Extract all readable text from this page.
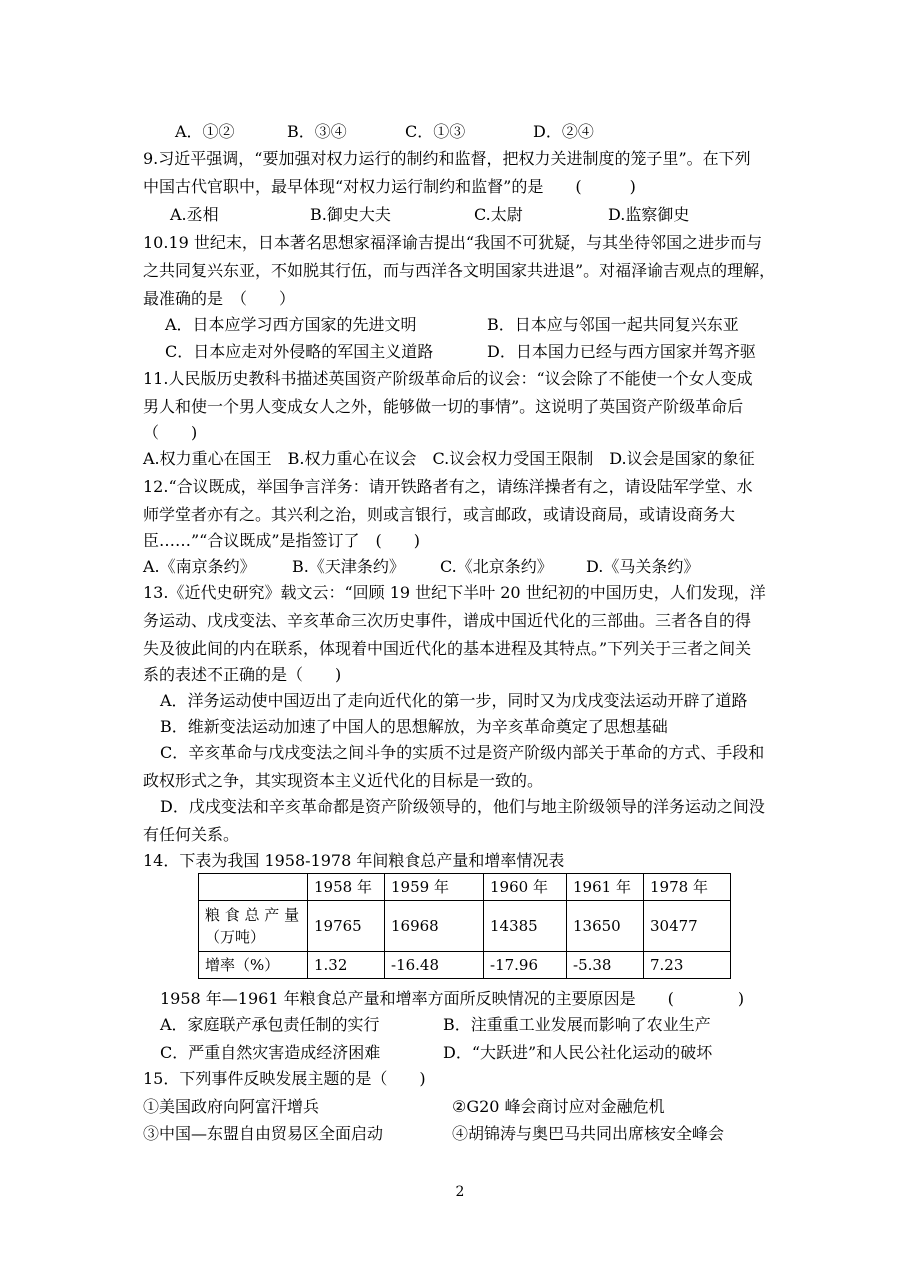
A．①②	B．③④	C．①③	D．②④
9.习近平强调，“要加强对权力运行的制约和监督，把权力关进制度的笼子里”。在下列
中国古代官职中，最早体现“对权力运行制约和监督”的是　　(　　　)
A.丞相	B.御史大夫	C.太尉	D.监察御史
10.19 世纪末，日本著名思想家福泽谕吉提出“我国不可犹疑，与其坐待邻国之进步而与
之共同复兴东亚，不如脱其行伍，而与西洋各文明国家共进退”。对福泽谕吉观点的理解，
最准确的是　（　　）
A．日本应学习西方国家的先进文明	B．日本应与邻国一起共同复兴东亚
C．日本应走对外侵略的军国主义道路	D．日本国力已经与西方国家并驾齐驱
11.人民版历史教科书描述英国资产阶级革命后的议会：“议会除了不能使一个女人变成
男人和使一个男人变成女人之外，能够做一切的事情”。这说明了英国资产阶级革命后
（　　)
A.权力重心在国王　B.权力重心在议会　C.议会权力受国王限制　D.议会是国家的象征
12.“合议既成，举国争言洋务：请开铁路者有之，请练洋操者有之，请设陆军学堂、水
师学堂者亦有之。其兴利之治，则或言银行，或言邮政，或请设商局，或请设商务大
臣……”“合议既成”是指签订了　(　　)
A.《南京条约》 B.《天津条约》 C.《北京条约》 D.《马关条约》
13.《近代史研究》载文云：“回顾 19 世纪下半叶 20 世纪初的中国历史，人们发现，洋
务运动、戊戌变法、辛亥革命三次历史事件，谱成中国近代化的三部曲。三者各自的得
失及彼此间的内在联系，体现着中国近代化的基本进程及其特点。”下列关于三者之间关
系的表述不正确的是（　　)
A．洋务运动使中国迈出了走向近代化的第一步，同时又为戊戌变法运动开辟了道路
B．维新变法运动加速了中国人的思想解放，为辛亥革命奠定了思想基础
C．辛亥革命与戊戌变法之间斗争的实质不过是资产阶级内部关于革命的方式、手段和
政权形式之争，其实现资本主义近代化的目标是一致的。
D．戊戌变法和辛亥革命都是资产阶级领导的，他们与地主阶级领导的洋务运动之间没
有任何关系。
14．下表为我国 1958-1978 年间粮食总产量和增率情况表
	1958 年	1959 年	1960 年	1961 年	1978 年

粮 食 总 产 量
（万吨）	19765	16968	14385	13650	30477
增率（%）	1.32	-16.48	-17.96	-5.38	7.23
1958 年—1961 年粮食总产量和增率方面所反映情况的主要原因是　　(　　　　)
A．家庭联产承包责任制的实行	B．注重重工业发展而影响了农业生产
C．严重自然灾害造成经济困难	D．“大跃进”和人民公社化运动的破坏
15．下列事件反映发展主题的是（　　)
①美国政府向阿富汗增兵	②G20 峰会商讨应对金融危机
③中国—东盟自由贸易区全面启动	④胡锦涛与奥巴马共同出席核安全峰会
2
